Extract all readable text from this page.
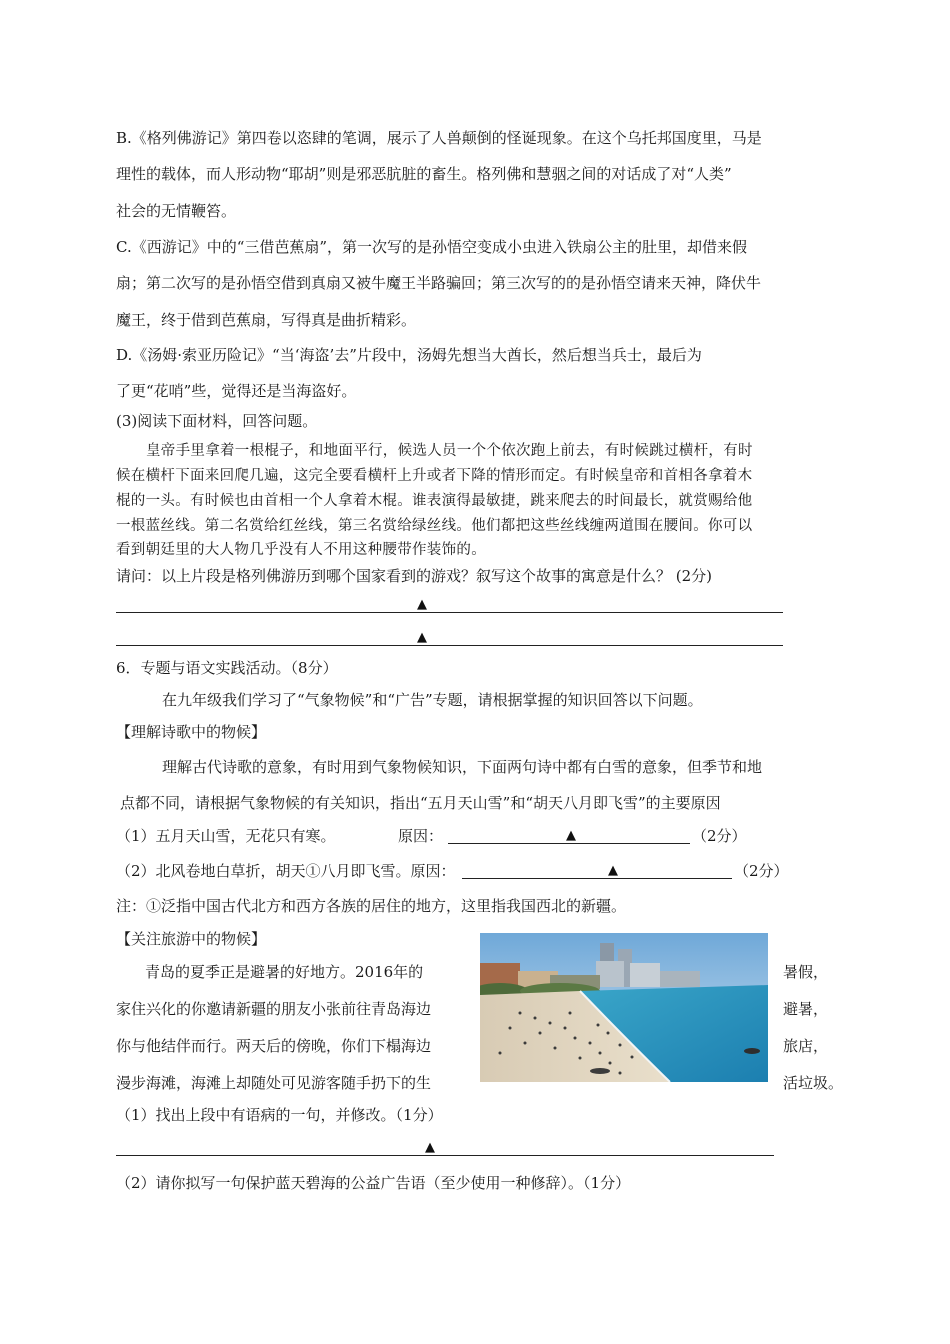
B.《格列佛游记》第四卷以恣肆的笔调，展示了人兽颠倒的怪诞现象。在这个乌托邦国度里，马是
理性的载体，而人形动物“耶胡”则是邪恶肮脏的畜生。格列佛和慧骃之间的对话成了对“人类”
社会的无情鞭笞。
C.《西游记》中的“三借芭蕉扇”，第一次写的是孙悟空变成小虫进入铁扇公主的肚里，却借来假
扇；第二次写的是孙悟空借到真扇又被牛魔王半路骗回；第三次写的的是孙悟空请来天神，降伏牛
魔王，终于借到芭蕉扇，写得真是曲折精彩。
D.《汤姆·索亚历险记》“当‘海盗’去”片段中，汤姆先想当大酋长，然后想当兵士，最后为
了更“花哨”些，觉得还是当海盗好。
(3)阅读下面材料，回答问题。
皇帝手里拿着一根棍子，和地面平行，候选人员一个个依次跑上前去，有时候跳过横杆，有时
候在横杆下面来回爬几遍，这完全要看横杆上升或者下降的情形而定。有时候皇帝和首相各拿着木
棍的一头。有时候也由首相一个人拿着木棍。谁表演得最敏捷，跳来爬去的时间最长，就赏赐给他
一根蓝丝线。第二名赏给红丝线，第三名赏给绿丝线。他们都把这些丝线缠两道围在腰间。你可以
看到朝廷里的大人物几乎没有人不用这种腰带作装饰的。
请问：以上片段是格列佛游历到哪个国家看到的游戏？叙写这个故事的寓意是什么？ (2分)
▲
▲
6．专题与语文实践活动。（8分）
在九年级我们学习了“气象物候”和“广告”专题，请根据掌握的知识回答以下问题。
【理解诗歌中的物候】
理解古代诗歌的意象，有时用到气象物候知识，下面两句诗中都有白雪的意象，但季节和地
点都不同，请根据气象物候的有关知识，指出“五月天山雪”和“胡天八月即飞雪”的主要原因
（1）五月天山雪，无花只有寒。	原因：	▲	（2分）
（2）北风卷地白草折，胡天①八月即飞雪。原因：	▲	（2分）
注：①泛指中国古代北方和西方各族的居住的地方，这里指我国西北的新疆。
【关注旅游中的物候】
青岛的夏季正是避暑的好地方。2016年的
家住兴化的你邀请新疆的朋友小张前往青岛海边
你与他结伴而行。两天后的傍晚，你们下榻海边
漫步海滩，海滩上却随处可见游客随手扔下的生
暑假，
避暑，
旅店，
活垃圾。
（1）找出上段中有语病的一句，并修改。（1分）
▲
（2）请你拟写一句保护蓝天碧海的公益广告语（至少使用一种修辞）。（1分）
